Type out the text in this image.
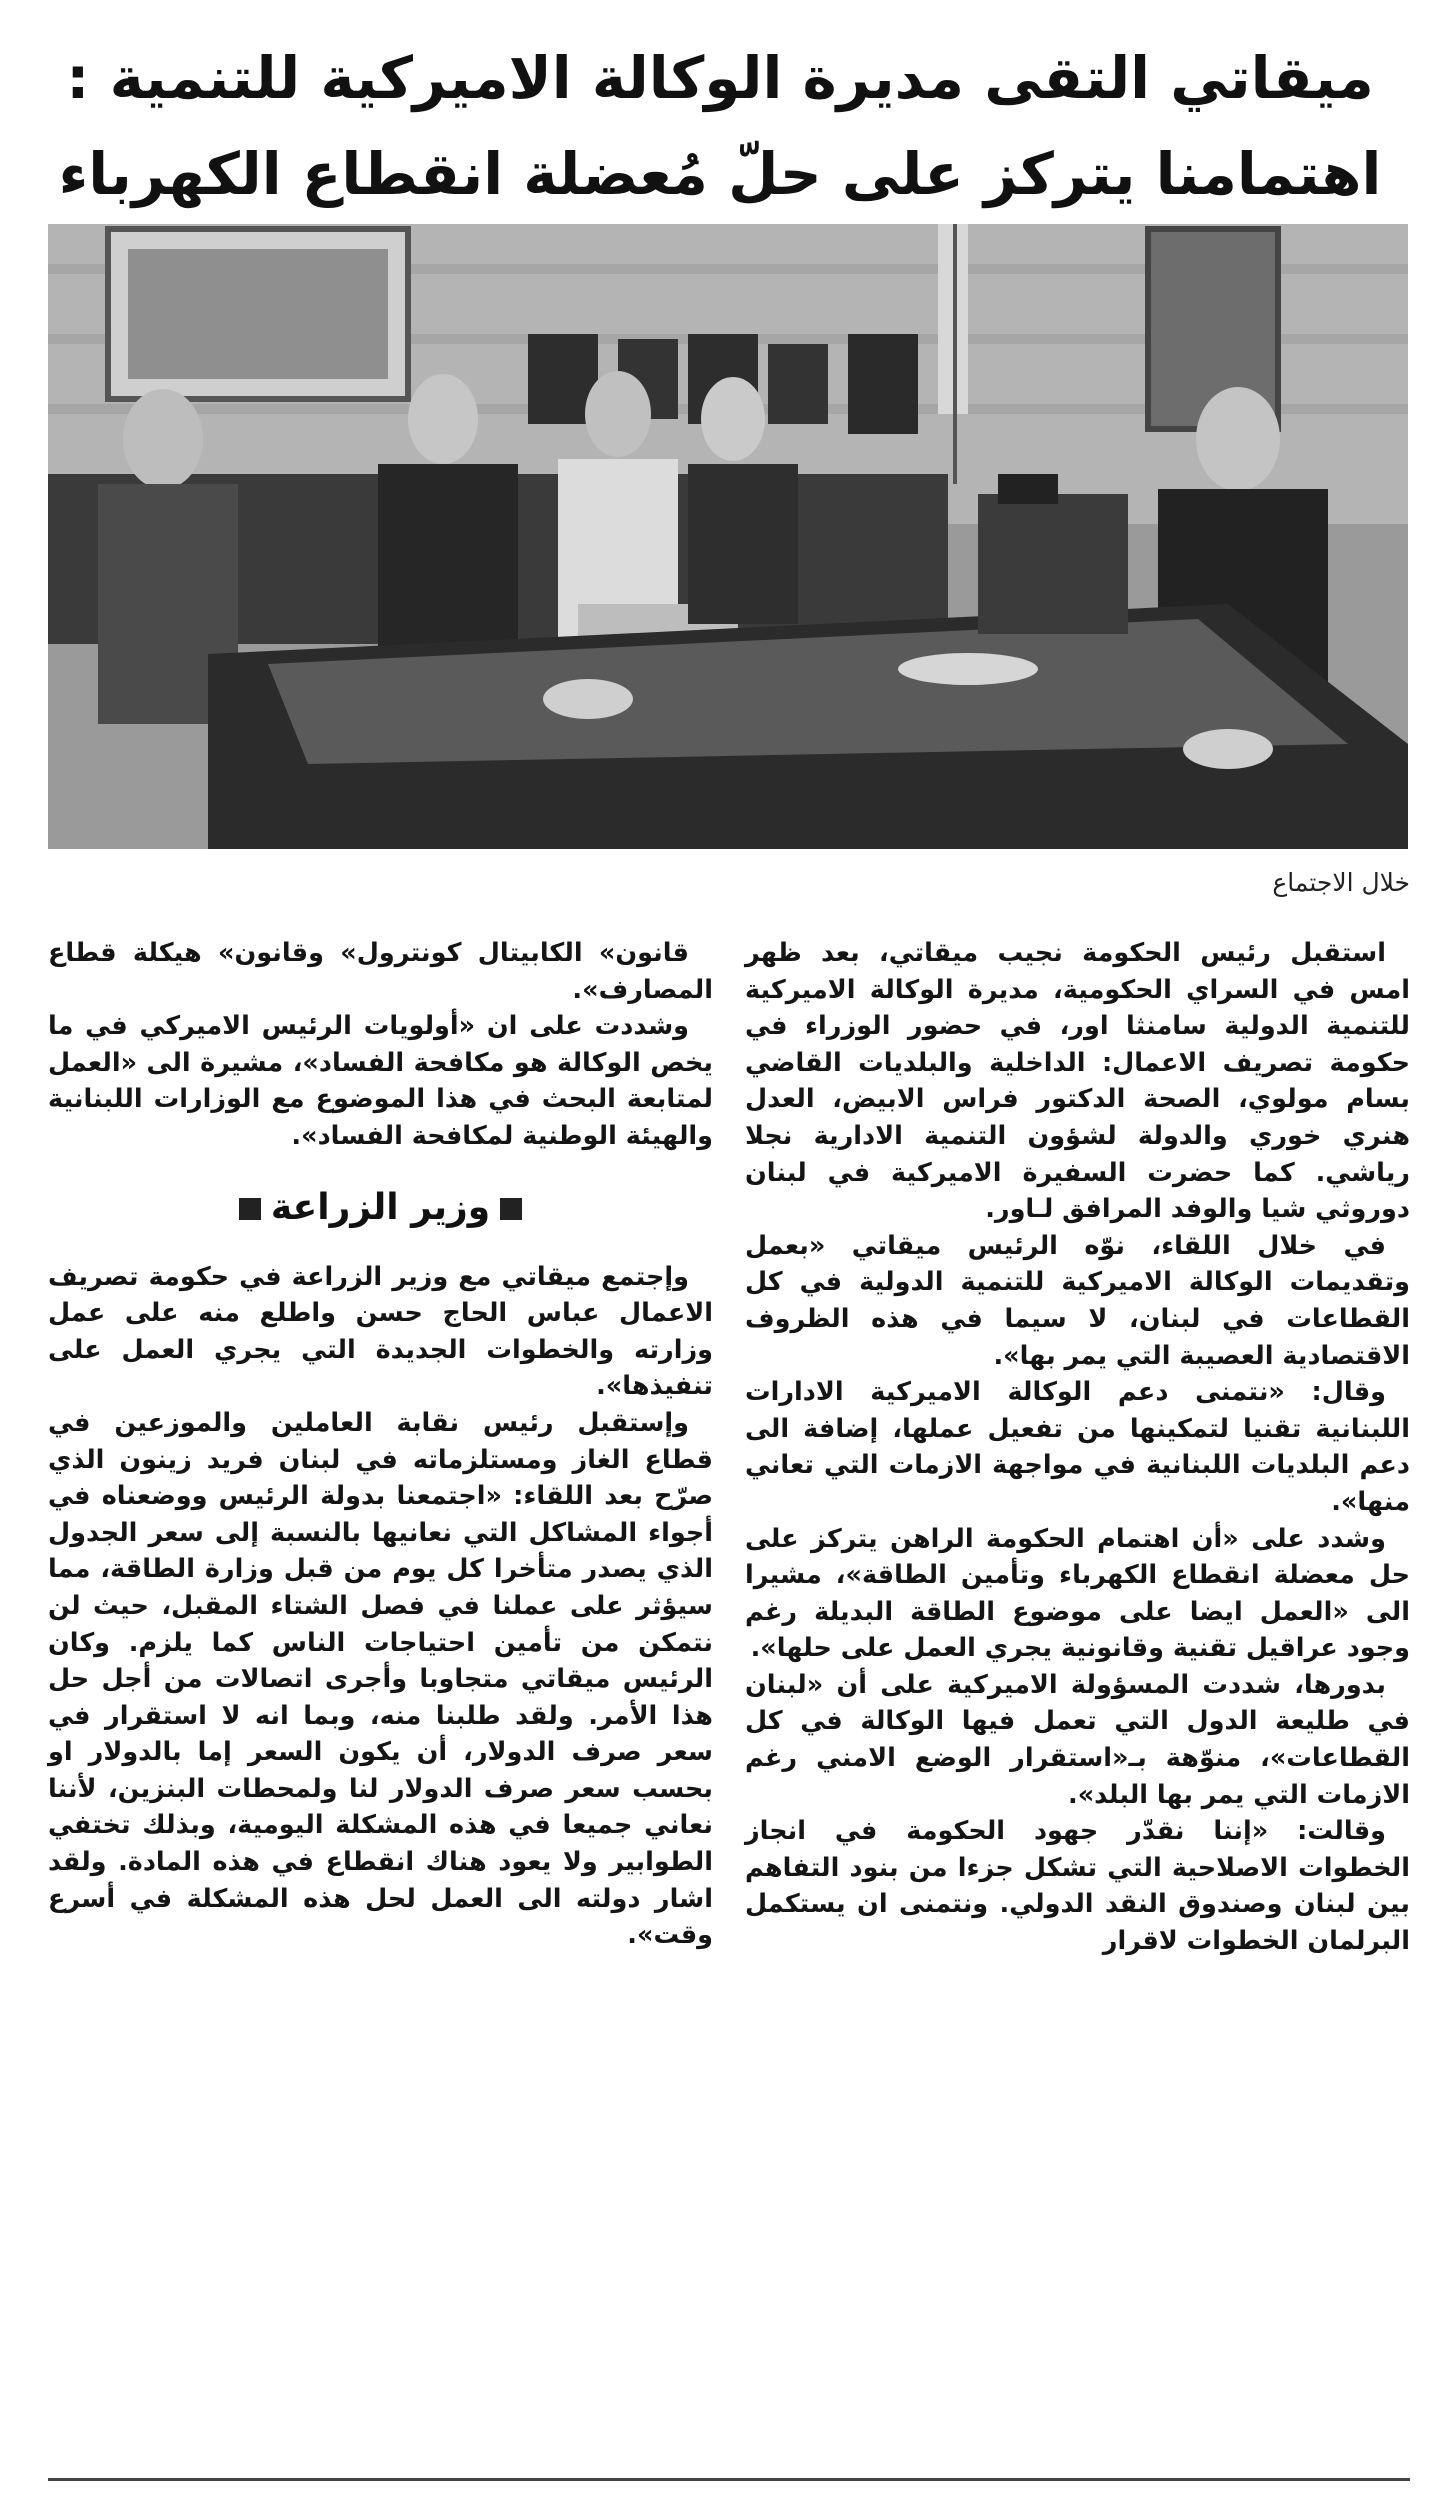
ميقاتي التقى مديرة الوكالة الاميركية للتنمية :
اهتمامنا يتركز على حلّ مُعضلة انقطاع الكهرباء
خلال الاجتماع

استقبل رئيس الحكومة نجيب ميقاتي، بعد ظهر امس في السراي الحكومية، مديرة الوكالة الاميركية للتنمية الدولية سامنثا اور، في حضور الوزراء في حكومة تصريف الاعمال: الداخلية والبلديات القاضي بسام مولوي، الصحة الدكتور فراس الابيض، العدل هنري خوري والدولة لشؤون التنمية الادارية نجلا رياشي. كما حضرت السفيرة الاميركية في لبنان دوروثي شيا والوفد المرافق لـاور.

في خلال اللقاء، نوّه الرئيس ميقاتي «بعمل وتقديمات الوكالة الاميركية للتنمية الدولية في كل القطاعات في لبنان، لا سيما في هذه الظروف الاقتصادية العصيبة التي يمر بها».

وقال: «نتمنى دعم الوكالة الاميركية الادارات اللبنانية تقنيا لتمكينها من تفعيل عملها، إضافة الى دعم البلديات اللبنانية في مواجهة الازمات التي تعاني منها».

وشدد على «أن اهتمام الحكومة الراهن يتركز على حل معضلة انقطاع الكهرباء وتأمين الطاقة»، مشيرا الى «العمل ايضا على موضوع الطاقة البديلة رغم وجود عراقيل تقنية وقانونية يجري العمل على حلها».

بدورها، شددت المسؤولة الاميركية على أن «لبنان في طليعة الدول التي تعمل فيها الوكالة في كل القطاعات»، منوّهة بـ«استقرار الوضع الامني رغم الازمات التي يمر بها البلد».

وقالت: «إننا نقدّر جهود الحكومة في انجاز الخطوات الاصلاحية التي تشكل جزءا من بنود التفاهم بين لبنان وصندوق النقد الدولي. ونتمنى ان يستكمل البرلمان الخطوات لاقرار

قانون» الكابيتال كونترول» وقانون» هيكلة قطاع المصارف».

وشددت على ان «أولويات الرئيس الاميركي في ما يخص الوكالة هو مكافحة الفساد»، مشيرة الى «العمل لمتابعة البحث في هذا الموضوع مع الوزارات اللبنانية والهيئة الوطنية لمكافحة الفساد».

وزير الزراعة

وإجتمع ميقاتي مع وزير الزراعة في حكومة تصريف الاعمال عباس الحاج حسن واطلع منه على عمل وزارته والخطوات الجديدة التي يجري العمل على تنفيذها».

وإستقبل رئيس نقابة العاملين والموزعين في قطاع الغاز ومستلزماته في لبنان فريد زينون الذي صرّح بعد اللقاء: «اجتمعنا بدولة الرئيس ووضعناه في أجواء المشاكل التي نعانيها بالنسبة إلى سعر الجدول الذي يصدر متأخرا كل يوم من قبل وزارة الطاقة، مما سيؤثر على عملنا في فصل الشتاء المقبل، حيث لن نتمكن من تأمين احتياجات الناس كما يلزم. وكان الرئيس ميقاتي متجاوبا وأجرى اتصالات من أجل حل هذا الأمر. ولقد طلبنا منه، وبما انه لا استقرار في سعر صرف الدولار، أن يكون السعر إما بالدولار او بحسب سعر صرف الدولار لنا ولمحطات البنزين، لأننا نعاني جميعا في هذه المشكلة اليومية، وبذلك تختفي الطوابير ولا يعود هناك انقطاع في هذه المادة. ولقد اشار دولته الى العمل لحل هذه المشكلة في أسرع وقت».
